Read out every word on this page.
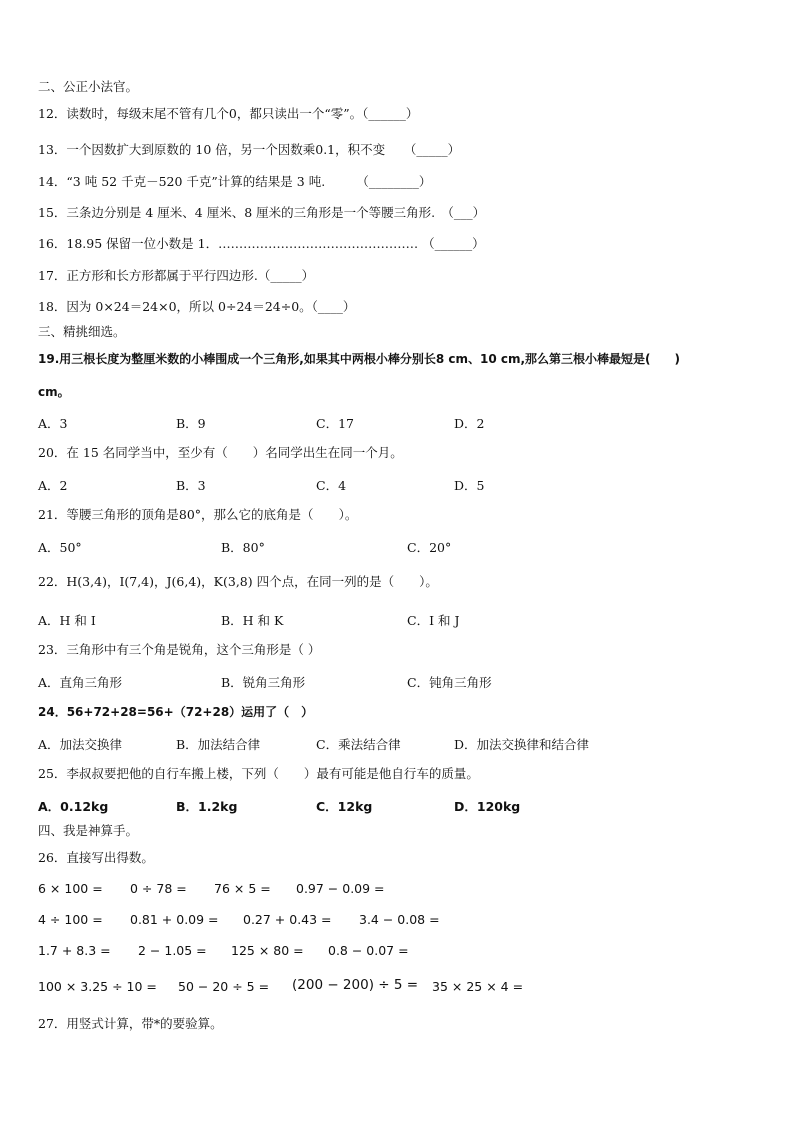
二、公正小法官。
12．读数时，每级末尾不管有几个0，都只读出一个“零”。（______）
13．一个因数扩大到原数的 10 倍，另一个因数乘0.1，积不变　　（_____）
14．“3 吨 52 千克－520 千克”计算的结果是 3 吨.　　　（________）
15．三条边分别是 4 厘米、4 厘米、8 厘米的三角形是一个等腰三角形.　（___）
16．18.95 保留一位小数是 1．………………………………………… （______）
17．正方形和长方形都属于平行四边形.（_____）
18．因为 0×24＝24×0，所以 0÷24＝24÷0。（____）
三、精挑细选。
19.用三根长度为整厘米数的小棒围成一个三角形,如果其中两根小棒分别长8 cm、10 cm,那么第三根小棒最短是(　　)
cm。
A．3	B．9	C．17	D．2
20．在 15 名同学当中，至少有（　　）名同学出生在同一个月。
A．2	B．3	C．4	D．5
21．等腰三角形的顶角是80°，那么它的底角是（　　）。
A．50°	B．80°	C．20°
22．H(3,4)，I(7,4)，J(6,4)，K(3,8) 四个点，在同一列的是（　　）。
A．H 和 I	B．H 和 K	C．I 和 J
23．三角形中有三个角是锐角，这个三角形是（ ）
A．直角三角形	B．锐角三角形	C．钝角三角形
24．56+72+28=56+（72+28）运用了（　）
A．加法交换律	B．加法结合律	C．乘法结合律	D．加法交换律和结合律
25．李叔叔要把他的自行车搬上楼，下列（　　）最有可能是他自行车的质量。
A．0.12kg	B．1.2kg	C．12kg	D．120kg
四、我是神算手。
26．直接写出得数。
6 × 100 = 0 ÷ 78 = 76 × 5 = 0.97 − 0.09 =
4 ÷ 100 = 0.81 + 0.09 = 0.27 + 0.43 = 3.4 − 0.08 =
1.7 + 8.3 = 2 − 1.05 = 125 × 80 = 0.8 − 0.07 =
100 × 3.25 ÷ 10 = 50 − 20 ÷ 5 = (200 − 200) ÷ 5 = 35 × 25 × 4 =
27．用竖式计算，带*的要验算。
